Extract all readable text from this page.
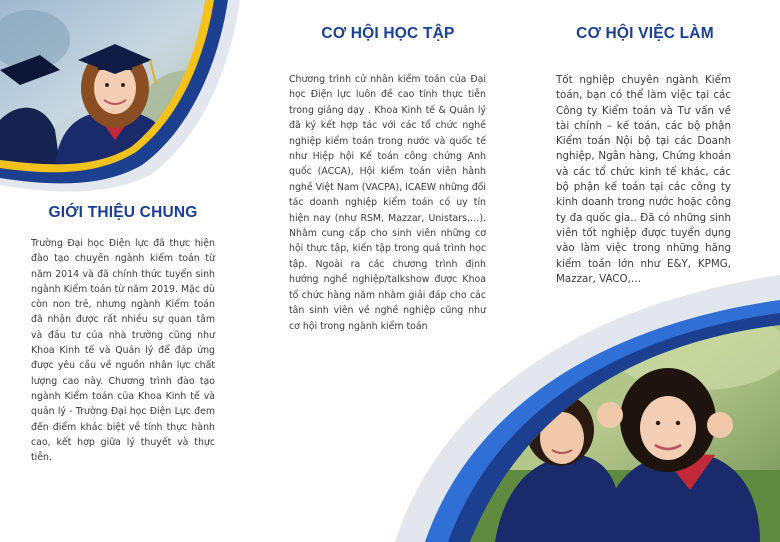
GIỚI THIỆU CHUNG
Trường Đại học Điện lực đã thực hiện đào tạo chuyên ngành kiểm toán từ năm 2014 và đã chính thức tuyển sinh ngành Kiểm toán từ năm 2019. Mặc dù còn non trẻ, nhưng ngành Kiểm toán đã nhận được rất nhiều sự quan tâm và đầu tư của nhà trường cũng như Khoa Kinh tế và Quản lý để đáp ứng được yêu cầu về nguồn nhân lực chất lượng cao này. Chương trình đào tạo ngành Kiểm toán của Khoa Kinh tế và quản lý - Trường Đại học Điện Lực đem đến điểm khác biệt về tính thực hành cao, kết hợp giữa lý thuyết và thực tiễn.
CƠ HỘI HỌC TẬP
Chương trình cử nhân kiểm toán của Đại học Điện lực luôn đề cao tính thực tiễn trong giảng dạy . Khoa Kinh tế & Quản lý đã ký kết hợp tác với các tổ chức nghề nghiệp kiểm toán trong nước và quốc tế như Hiệp hội Kế toán công chứng Anh quốc (ACCA), Hội kiểm toán viên hành nghề Việt Nam (VACPA), ICAEW những đối tác doanh nghiệp kiểm toán có uy tín hiện nay (như RSM, Mazzar, Unistars,…). Nhằm cung cấp cho sinh viên những cơ hội thực tập, kiến tập trong quá trình học tập. Ngoài ra các chương trình định hướng nghề nghiệp/talkshow được Khoa tổ chức hàng năm nhằm giải đáp cho các tân sinh viên về nghề nghiệp cũng như cơ hội trong ngành kiểm toán
CƠ HỘI VIỆC LÀM
Tốt nghiệp chuyên ngành Kiểm toán, bạn có thể làm việc tại các Công ty Kiểm toán và Tư vấn về tài chính – kế toán, các bộ phận Kiểm toán Nội bộ tại các Doanh nghiệp, Ngân hàng, Chứng khoán và các tổ chức kinh tế khác, các bộ phận kế toán tại các công ty kinh doanh trong nước hoặc công ty đa quốc gia.. Đã có những sinh viên tốt nghiệp được tuyển dụng vào làm việc trong những hãng kiểm toán lớn như E&Y, KPMG, Mazzar, VACO,…
